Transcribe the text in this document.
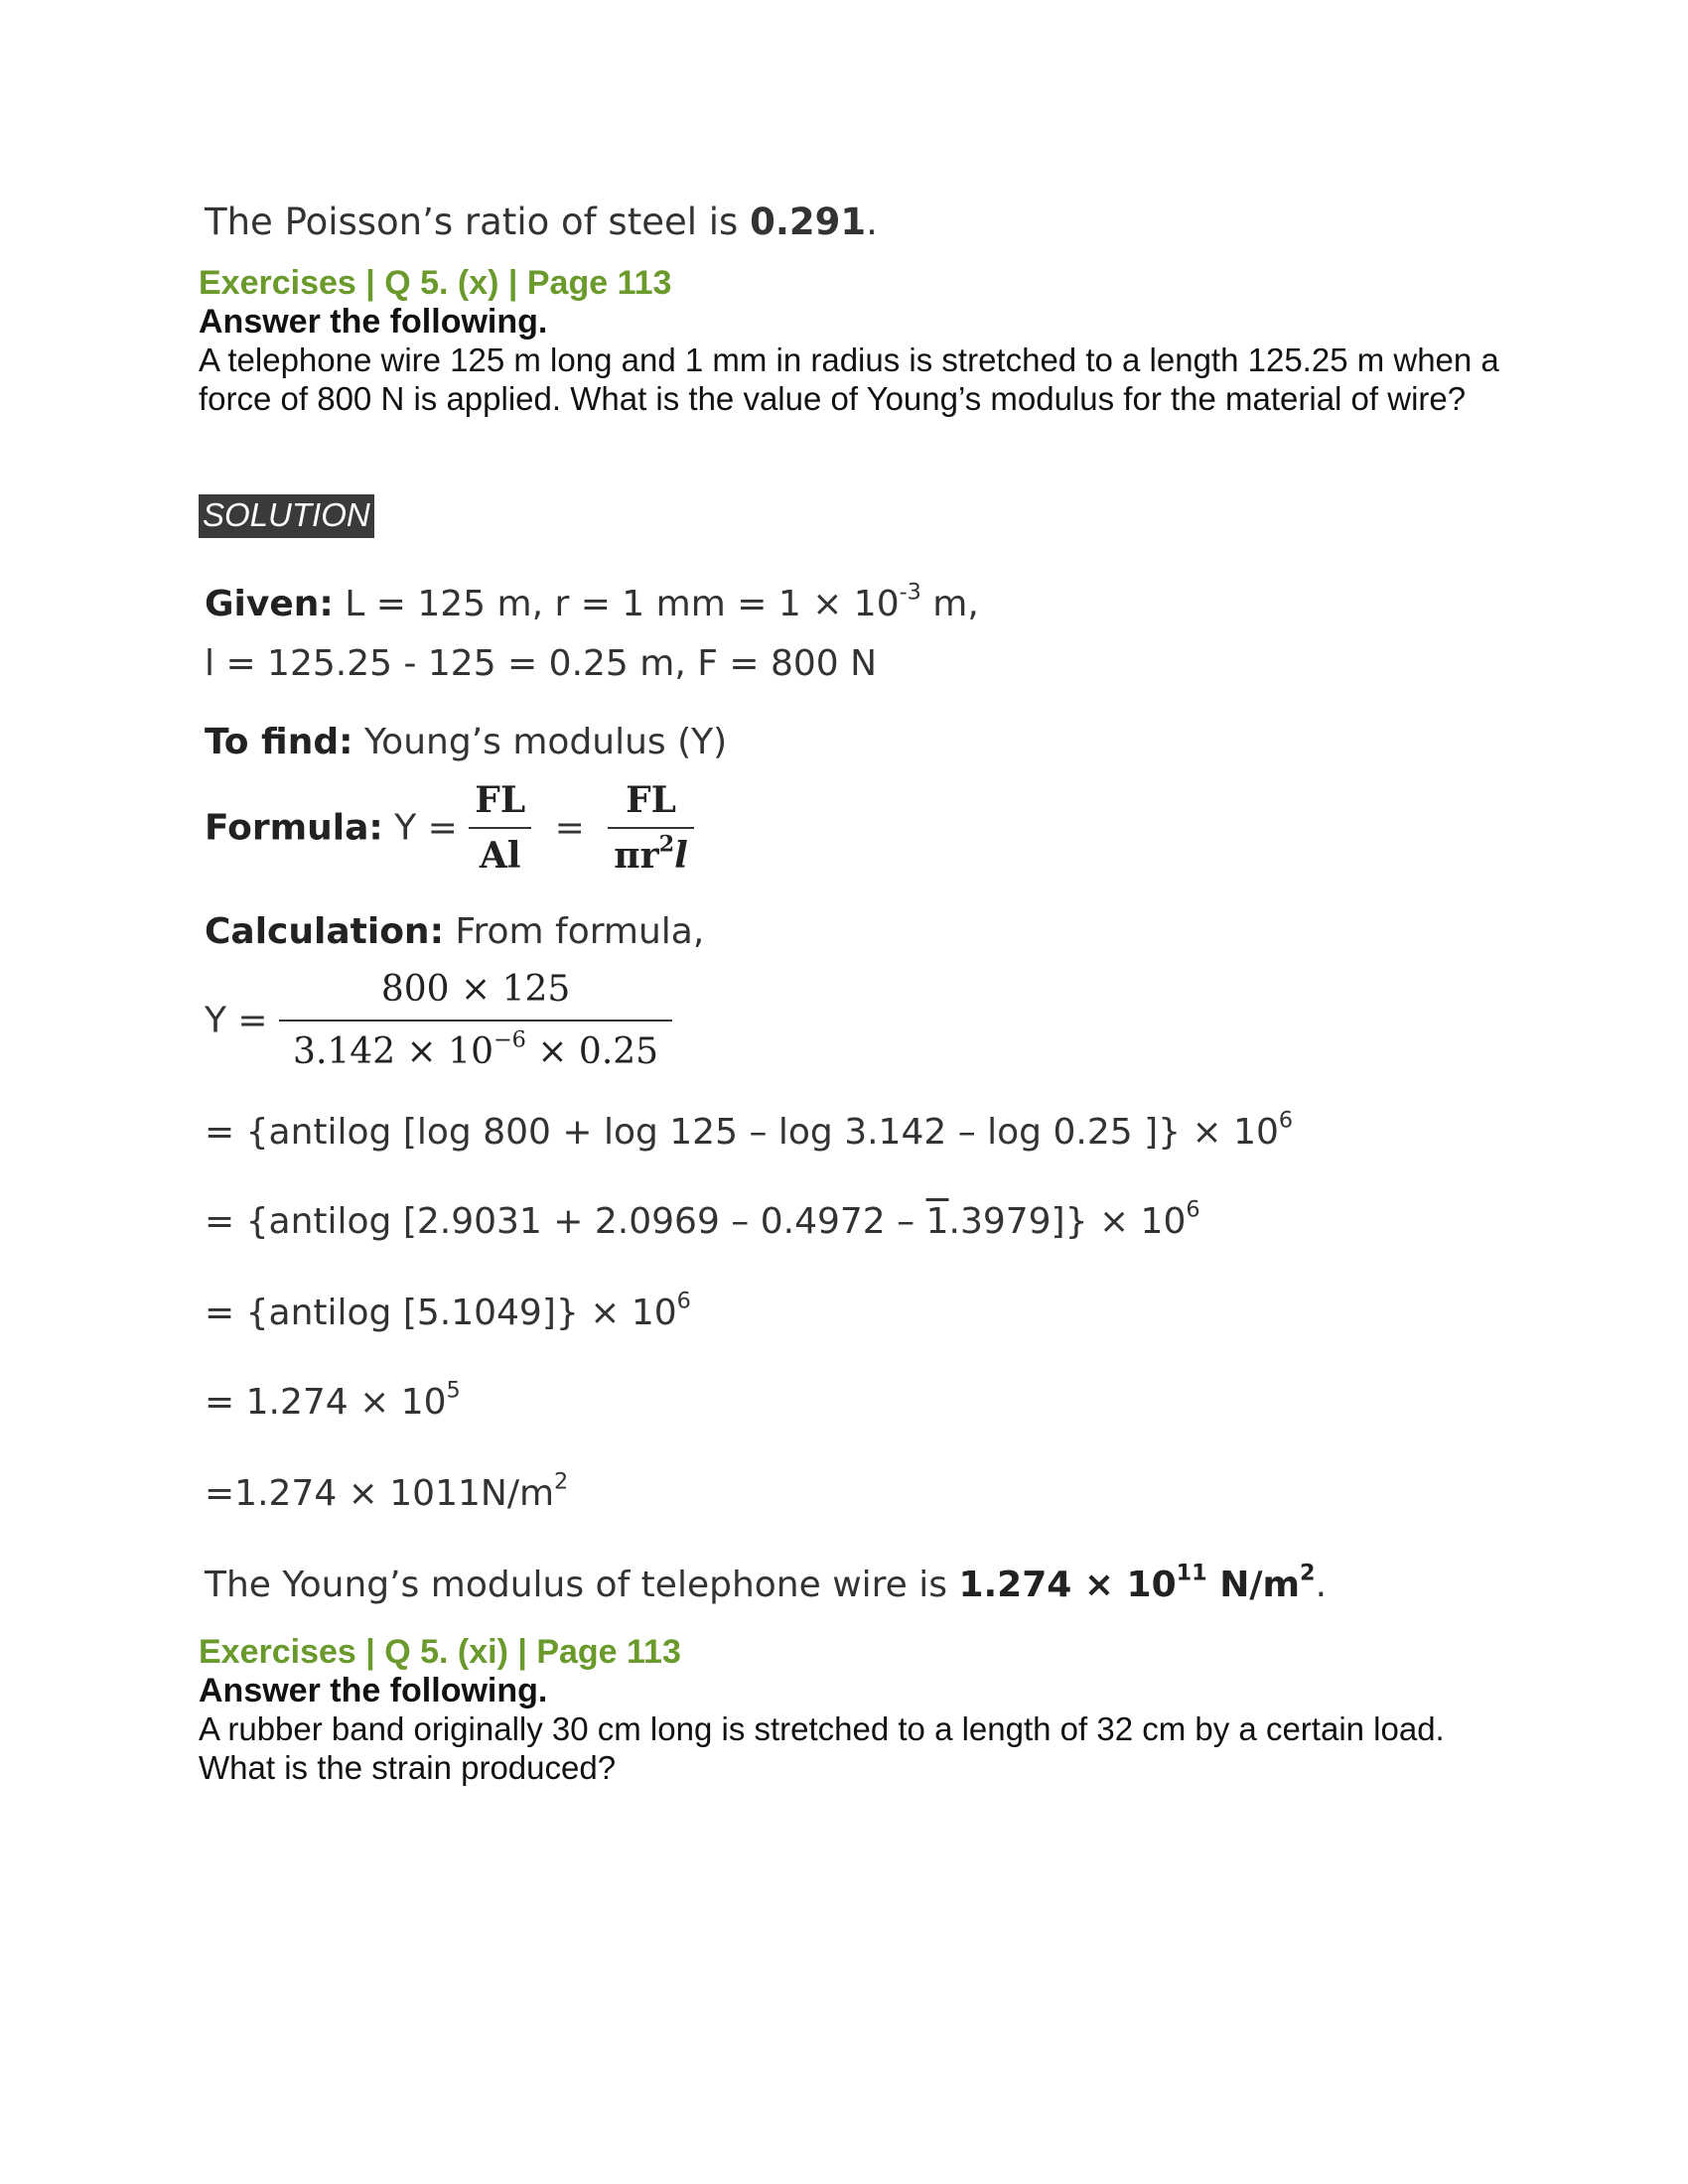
The Poisson’s ratio of steel is 0.291.
Exercises | Q 5. (x) | Page 113
Answer the following.
A telephone wire 125 m long and 1 mm in radius is stretched to a length 125.25 m when a force of 800 N is applied. What is the value of Young’s modulus for the material of wire?
SOLUTION
Given: L = 125 m, r = 1 mm = $1 \times 10^{-3}$ m,
l = 125.25 - 125 = 0.25 m, F = 800 N
To find: Young’s modulus (Y)
Formula: $Y = \frac{FL}{Al} = \frac{FL}{\pi r^2l}$
Calculation: From formula,
$Y = \frac{800 \times 125}{3.142 \times 10^{-6} \times 0.25}$
= {antilog [log 800 + log 125 – log 3.142 – log 0.25 ]} × $10^6$
= {antilog $[2.9031 + 2.0969 - 0.4972 - 1.3979]\} \times 10^6$
= {antilog $[5.1049]\} \times 10^6$
= $1.274 \times 10^5$
$=1.274 \times 1011N/m^2$
The Young’s modulus of telephone wire is $1.274 \times 10^{11}$ $N/m^2$.
Exercises | Q 5. (xi) | Page 113
Answer the following.
A rubber band originally 30 cm long is stretched to a length of 32 cm by a certain load. What is the strain produced?
